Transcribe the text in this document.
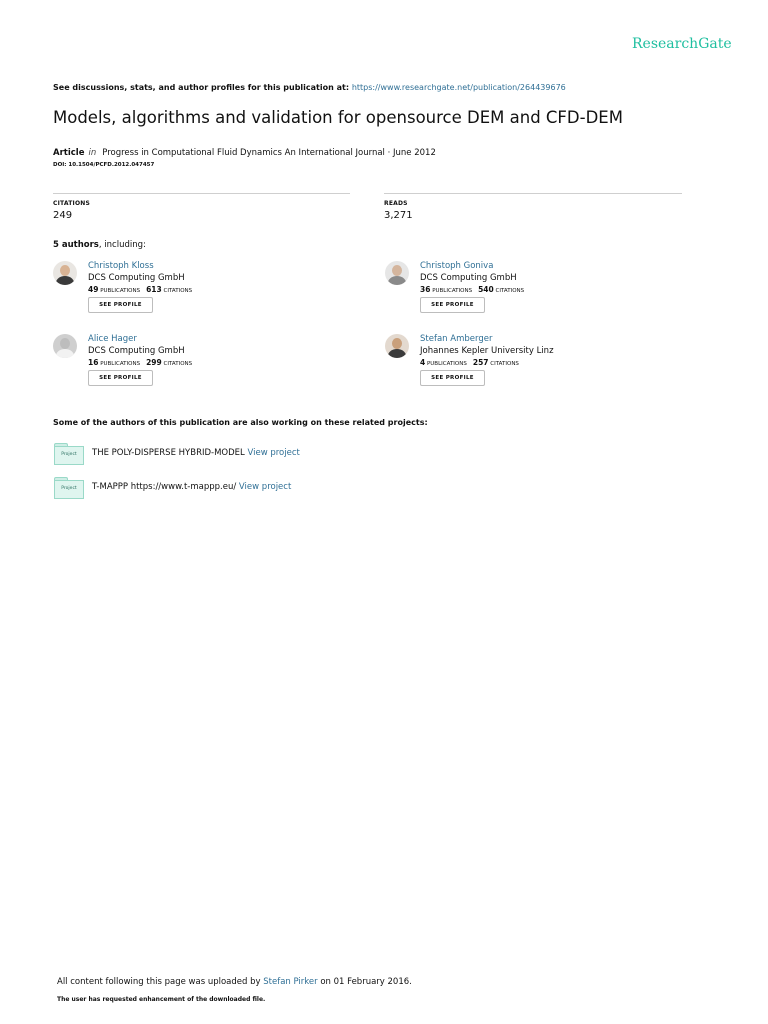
ResearchGate
See discussions, stats, and author profiles for this publication at: https://www.researchgate.net/publication/264439676
Models, algorithms and validation for opensource DEM and CFD-DEM
Article in Progress in Computational Fluid Dynamics An International Journal · June 2012
DOI: 10.1504/PCFD.2012.047457
CITATIONS
249
READS
3,271
5 authors, including:
Christoph Kloss
DCS Computing GmbH
49 PUBLICATIONS 613 CITATIONS
SEE PROFILE
Christoph Goniva
DCS Computing GmbH
36 PUBLICATIONS 540 CITATIONS
SEE PROFILE
Alice Hager
DCS Computing GmbH
16 PUBLICATIONS 299 CITATIONS
SEE PROFILE
Stefan Amberger
Johannes Kepler University Linz
4 PUBLICATIONS 257 CITATIONS
SEE PROFILE
Some of the authors of this publication are also working on these related projects:
Project	THE POLY-DISPERSE HYBRID-MODEL View project
Project	T-MAPPP https://www.t-mappp.eu/ View project
All content following this page was uploaded by Stefan Pirker on 01 February 2016.
The user has requested enhancement of the downloaded file.
